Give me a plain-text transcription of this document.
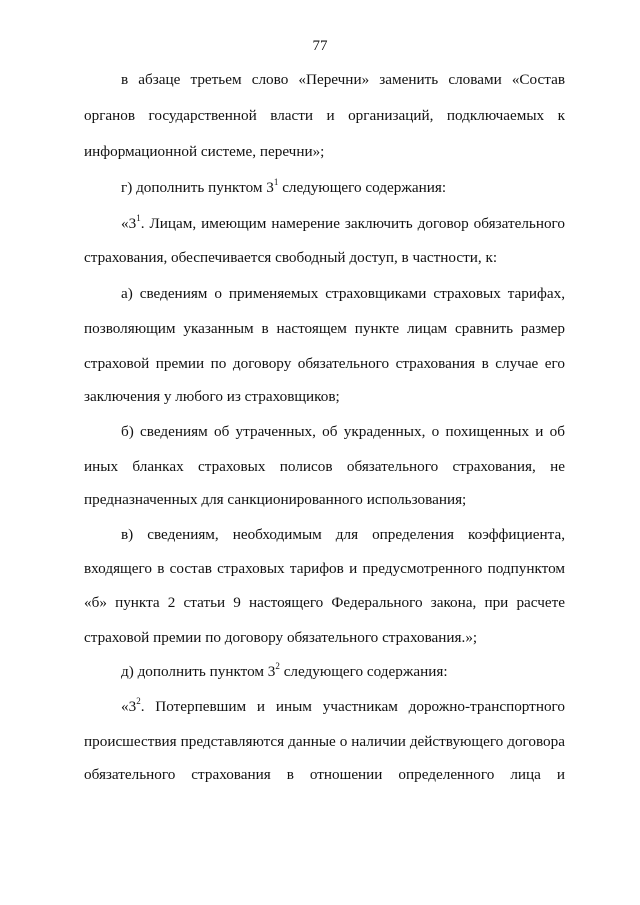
77
в абзаце третьем слово «Перечни» заменить словами «Состав
органов государственной власти и организаций, подключаемых к
информационной системе, перечни»;
г) дополнить пунктом $3^1$ следующего содержания:
«$3^1$. Лицам, имеющим намерение заключить договор обязательного
страхования, обеспечивается свободный доступ, в частности, к:
а) сведениям о применяемых страховщиками страховых тарифах,
позволяющим указанным в настоящем пункте лицам сравнить размер
страховой премии по договору обязательного страхования в случае его
заключения у любого из страховщиков;
б) сведениям об утраченных, об украденных, о похищенных и об
иных бланках страховых полисов обязательного страхования, не
предназначенных для санкционированного использования;
в) сведениям, необходимым для определения коэффициента,
входящего в состав страховых тарифов и предусмотренного подпунктом
«б» пункта 2 статьи 9 настоящего Федерального закона, при расчете
страховой премии по договору обязательного страхования.»;
д) дополнить пунктом $3^2$ следующего содержания:
«$3^2$. Потерпевшим и иным участникам дорожно-транспортного
происшествия представляются данные о наличии действующего договора
обязательного страхования в отношении определенного лица и
